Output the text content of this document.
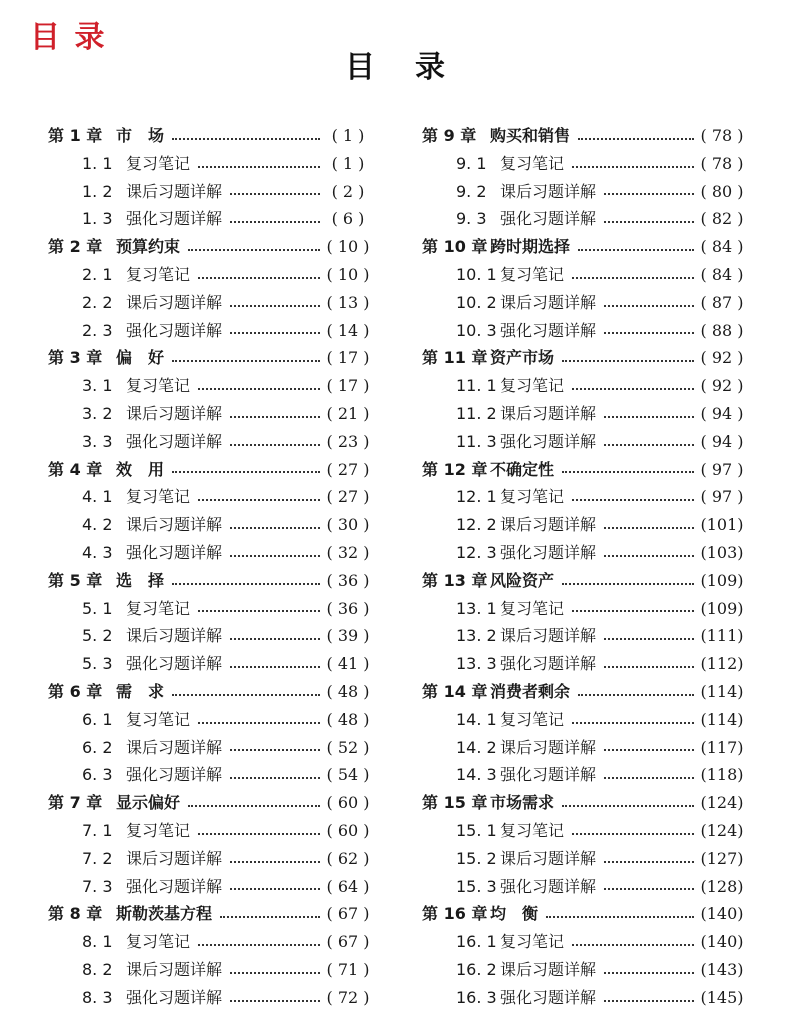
目 录
目录
第 1 章 市　场	( 1 )
1. 1 复习笔记	( 1 )
1. 2 课后习题详解	( 2 )
1. 3 强化习题详解	( 6 )
第 2 章 预算约束	( 10 )
2. 1 复习笔记	( 10 )
2. 2 课后习题详解	( 13 )
2. 3 强化习题详解	( 14 )
第 3 章 偏　好	( 17 )
3. 1 复习笔记	( 17 )
3. 2 课后习题详解	( 21 )
3. 3 强化习题详解	( 23 )
第 4 章 效　用	( 27 )
4. 1 复习笔记	( 27 )
4. 2 课后习题详解	( 30 )
4. 3 强化习题详解	( 32 )
第 5 章 选　择	( 36 )
5. 1 复习笔记	( 36 )
5. 2 课后习题详解	( 39 )
5. 3 强化习题详解	( 41 )
第 6 章 需　求	( 48 )
6. 1 复习笔记	( 48 )
6. 2 课后习题详解	( 52 )
6. 3 强化习题详解	( 54 )
第 7 章 显示偏好	( 60 )
7. 1 复习笔记	( 60 )
7. 2 课后习题详解	( 62 )
7. 3 强化习题详解	( 64 )
第 8 章 斯勒茨基方程	( 67 )
8. 1 复习笔记	( 67 )
8. 2 课后习题详解	( 71 )
8. 3 强化习题详解	( 72 )
第 9 章 购买和销售	( 78 )
9. 1 复习笔记	( 78 )
9. 2 课后习题详解	( 80 )
9. 3 强化习题详解	( 82 )
第 10 章 跨时期选择	( 84 )
10. 1 复习笔记	( 84 )
10. 2 课后习题详解	( 87 )
10. 3 强化习题详解	( 88 )
第 11 章 资产市场	( 92 )
11. 1 复习笔记	( 92 )
11. 2 课后习题详解	( 94 )
11. 3 强化习题详解	( 94 )
第 12 章 不确定性	( 97 )
12. 1 复习笔记	( 97 )
12. 2 课后习题详解	(101)
12. 3 强化习题详解	(103)
第 13 章 风险资产	(109)
13. 1 复习笔记	(109)
13. 2 课后习题详解	(111)
13. 3 强化习题详解	(112)
第 14 章 消费者剩余	(114)
14. 1 复习笔记	(114)
14. 2 课后习题详解	(117)
14. 3 强化习题详解	(118)
第 15 章 市场需求	(124)
15. 1 复习笔记	(124)
15. 2 课后习题详解	(127)
15. 3 强化习题详解	(128)
第 16 章 均　衡	(140)
16. 1 复习笔记	(140)
16. 2 课后习题详解	(143)
16. 3 强化习题详解	(145)
